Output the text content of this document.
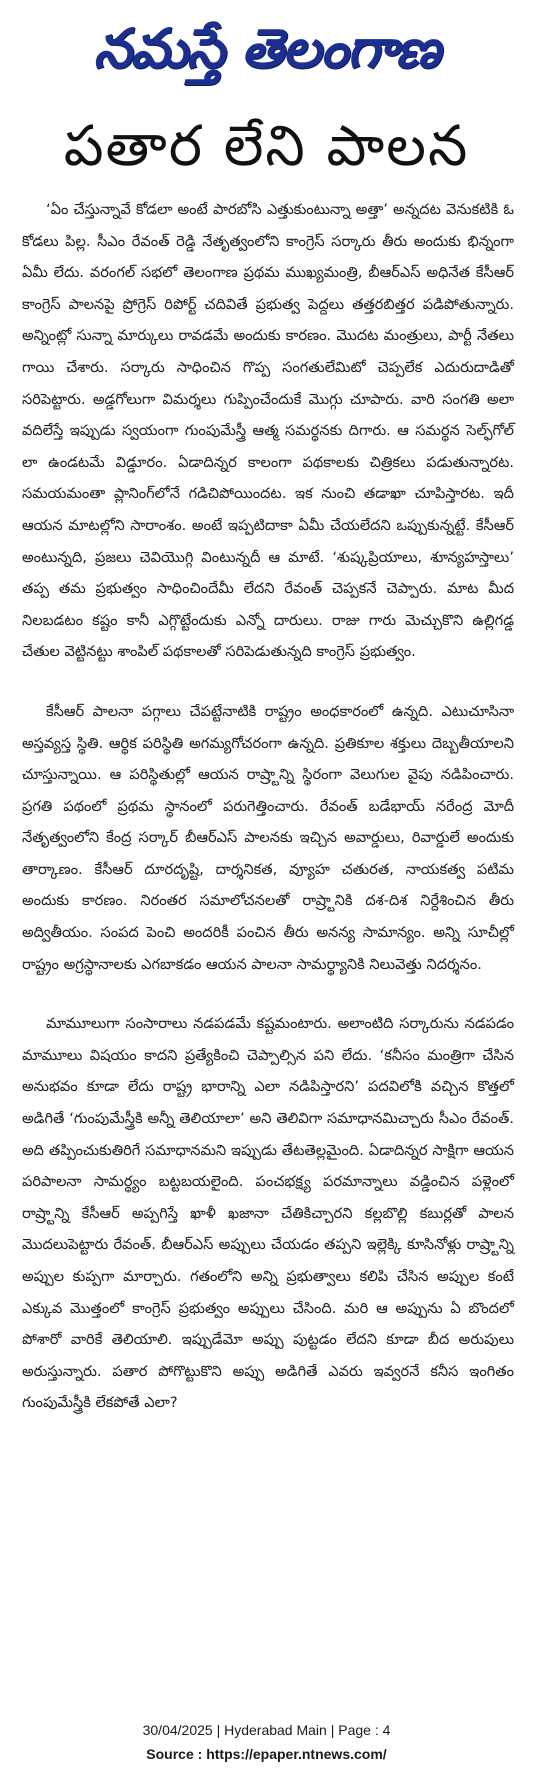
నమస్తే తెలంగాణ
పతార లేని పాలన

‘ఏం చేస్తున్నావే కోడలా అంటే పారబోసి ఎత్తుకుంటున్నా అత్తా’ అన్నదట వెనుకటికి ఓ కోడలు పిల్ల. సీఎం రేవంత్ రెడ్డి నేతృత్వంలోని కాంగ్రెస్ సర్కారు తీరు అందుకు భిన్నంగా ఏమీ లేదు. వరంగల్ సభలో తెలంగాణ ప్రథమ ముఖ్యమంత్రి, బీఆర్ఎస్ అధినేత కేసీఆర్ కాంగ్రెస్ పాలనపై ప్రోగ్రెస్ రిపోర్ట్ చదివితే ప్రభుత్వ పెద్దలు తత్తరబిత్తర పడిపోతున్నారు. అన్నింట్లో సున్నా మార్కులు రావడమే అందుకు కారణం. మొదట మంత్రులు, పార్టీ నేతలు గాయి చేశారు. సర్కారు సాధించిన గొప్ప సంగతులేమిటో చెప్పలేక ఎదురుదాడితో సరిపెట్టారు. అడ్డగోలుగా విమర్శలు గుప్పించేందుకే మొగ్గు చూపారు. వారి సంగతి అలా వదిలేస్తే ఇప్పుడు స్వయంగా గుంపుమేస్త్రీ ఆత్మ సమర్థనకు దిగారు. ఆ సమర్థన సెల్ఫ్‌గోల్ లా ఉండటమే విడ్డూరం. ఏడాదిన్నర కాలంగా పథకాలకు చిత్రికలు పడుతున్నారట. సమయమంతా ప్లానింగ్‌లోనే గడిచిపోయిందట. ఇక నుంచి తడాఖా చూపిస్తారట. ఇదీ ఆయన మాటల్లోని సారాంశం. అంటే ఇప్పటిదాకా ఏమీ చేయలేదని ఒప్పుకున్నట్టే. కేసీఆర్ అంటున్నది, ప్రజలు చెవియొగ్గి వింటున్నదీ ఆ మాటే. ‘శుష్కప్రియాలు, శూన్యహస్తాలు’ తప్ప తమ ప్రభుత్వం సాధించిందేమీ లేదని రేవంత్ చెప్పకనే చెప్పారు. మాట మీద నిలబడటం కష్టం కానీ ఎగ్గొట్టేందుకు ఎన్నో దారులు. రాజు గారు మెచ్చుకొని ఉల్లిగడ్డ చేతుల వెట్టినట్టు శాంపిల్ పథకాలతో సరిపెడుతున్నది కాంగ్రెస్ ప్రభుత్వం.

కేసీఆర్ పాలనా పగ్గాలు చేపట్టేనాటికి రాష్ట్రం అంధకారంలో ఉన్నది. ఎటుచూసినా అస్తవ్యస్త స్థితి. ఆర్థిక పరిస్థితి అగమ్యగోచరంగా ఉన్నది. ప్రతికూల శక్తులు దెబ్బతీయాలని చూస్తున్నాయి. ఆ పరిస్థితుల్లో ఆయన రాష్ర్టాన్ని స్థిరంగా వెలుగుల వైపు నడిపించారు. ప్రగతి పథంలో ప్రథమ స్థానంలో పరుగెత్తించారు. రేవంత్ బడేభాయ్ నరేంద్ర మోదీ నేతృత్వంలోని కేంద్ర సర్కార్ బీఆర్ఎస్ పాలనకు ఇచ్చిన అవార్డులు, రివార్డులే అందుకు తార్కాణం. కేసీఆర్ దూరదృష్టి, దార్శనికత, వ్యూహ చతురత, నాయకత్వ పటిమ అందుకు కారణం. నిరంతర సమాలోచనలతో రాష్ర్టానికి దశ-దిశ నిర్దేశించిన తీరు అద్వితీయం. సంపద పెంచి అందరికీ పంచిన తీరు అనన్య సామాన్యం. అన్ని సూచీల్లో రాష్ట్రం అగ్రస్థానాలకు ఎగబాకడం ఆయన పాలనా సామర్థ్యానికి నిలువెత్తు నిదర్శనం.

మామూలుగా సంసారాలు నడపడమే కష్టమంటారు. అలాంటిది సర్కారును నడపడం మామూలు విషయం కాదని ప్రత్యేకించి చెప్పాల్సిన పని లేదు. ‘కనీసం మంత్రిగా చేసిన అనుభవం కూడా లేదు రాష్ట్ర భారాన్ని ఎలా నడిపిస్తారని’ పదవిలోకి వచ్చిన కొత్తలో అడిగితే ‘గుంపుమేస్త్రీకి అన్నీ తెలియాలా’ అని తెలివిగా సమాధానమిచ్చారు సీఎం రేవంత్. అది తప్పించుకుతిరిగే సమాధానమని ఇప్పుడు తేటతెల్లమైంది. ఏడాదిన్నర సాక్షిగా ఆయన పరిపాలనా సామర్థ్యం బట్టబయలైంది. పంచభక్ష్య పరమాన్నాలు వడ్డించిన పళ్లెంలో రాష్ర్టాన్ని కేసీఆర్ అప్పగిస్తే ఖాళీ ఖజానా చేతికిచ్చారని కల్లబొల్లి కబుర్లతో పాలన మొదలుపెట్టారు రేవంత్. బీఆర్ఎస్ అప్పులు చేయడం తప్పని ఇల్లెక్కి కూసినోళ్లు రాష్ర్టాన్ని అప్పుల కుప్పగా మార్చారు. గతంలోని అన్ని ప్రభుత్వాలు కలిపి చేసిన అప్పుల కంటే ఎక్కువ మొత్తంలో కాంగ్రెస్ ప్రభుత్వం అప్పులు చేసింది. మరి ఆ అప్పును ఏ బొందలో పోశారో వారికే తెలియాలి. ఇప్పుడేమో అప్పు పుట్టడం లేదని కూడా బీద అరుపులు అరుస్తున్నారు. పతార పోగొట్టుకొని అప్పు అడిగితే ఎవరు ఇవ్వరనే కనీస ఇంగితం గుంపుమేస్త్రీకి లేకపోతే ఎలా?

30/04/2025 | Hyderabad Main | Page : 4
Source : https://epaper.ntnews.com/
